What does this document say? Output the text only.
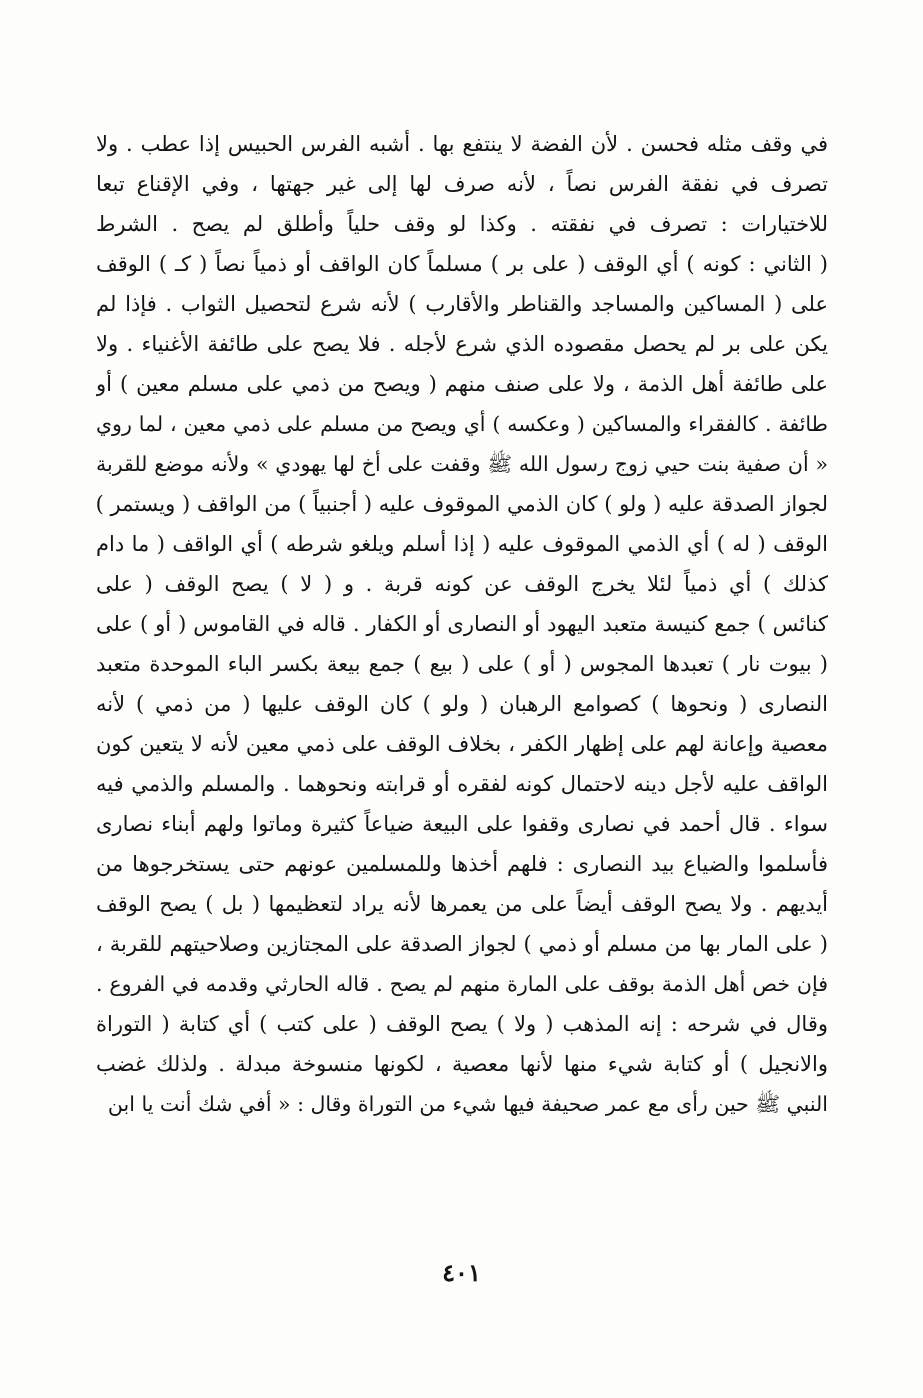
في وقف مثله فحسن . لأن الفضة لا ينتفع بها . أشبه الفرس الحبيس إذا عطب . ولا
تصرف في نفقة الفرس نصاً ، لأنه صرف لها إلى غير جهتها ، وفي الإقناع تبعا
للاختيارات : تصرف في نفقته . وكذا لو وقف حلياً وأطلق لم يصح . الشرط
( الثاني : كونه ) أي الوقف ( على بر ) مسلماً كان الواقف أو ذمياً نصاً ( كـ ) الوقف
على ( المساكين والمساجد والقناطر والأقارب ) لأنه شرع لتحصيل الثواب . فإذا لم
يكن على بر لم يحصل مقصوده الذي شرع لأجله . فلا يصح على طائفة الأغنياء . ولا
على طائفة أهل الذمة ، ولا على صنف منهم ( ويصح من ذمي على مسلم معين ) أو
طائفة . كالفقراء والمساكين ( وعكسه ) أي ويصح من مسلم على ذمي معين ، لما روي
« أن صفية بنت حيي زوج رسول الله ﷺ وقفت على أخ لها يهودي » ولأنه موضع للقربة
لجواز الصدقة عليه ( ولو ) كان الذمي الموقوف عليه ( أجنبياً ) من الواقف ( ويستمر )
الوقف ( له ) أي الذمي الموقوف عليه ( إذا أسلم ويلغو شرطه ) أي الواقف ( ما دام
كذلك ) أي ذمياً لئلا يخرج الوقف عن كونه قربة . و ( لا ) يصح الوقف ( على
كنائس ) جمع كنيسة متعبد اليهود أو النصارى أو الكفار . قاله في القاموس ( أو ) على
( بيوت نار ) تعبدها المجوس ( أو ) على ( بيع ) جمع بيعة بكسر الباء الموحدة متعبد
النصارى ( ونحوها ) كصوامع الرهبان ( ولو ) كان الوقف عليها ( من ذمي ) لأنه
معصية وإعانة لهم على إظهار الكفر ، بخلاف الوقف على ذمي معين لأنه لا يتعين كون
الواقف عليه لأجل دينه لاحتمال كونه لفقره أو قرابته ونحوهما . والمسلم والذمي فيه
سواء . قال أحمد في نصارى وقفوا على البيعة ضياعاً كثيرة وماتوا ولهم أبناء نصارى
فأسلموا والضياع بيد النصارى : فلهم أخذها وللمسلمين عونهم حتى يستخرجوها من
أيديهم . ولا يصح الوقف أيضاً على من يعمرها لأنه يراد لتعظيمها ( بل ) يصح الوقف
( على المار بها من مسلم أو ذمي ) لجواز الصدقة على المجتازين وصلاحيتهم للقربة ،
فإن خص أهل الذمة بوقف على المارة منهم لم يصح . قاله الحارثي وقدمه في الفروع .
وقال في شرحه : إنه المذهب ( ولا ) يصح الوقف ( على كتب ) أي كتابة ( التوراة
والانجيل ) أو كتابة شيء منها لأنها معصية ، لكونها منسوخة مبدلة . ولذلك غضب
النبي ﷺ حين رأى مع عمر صحيفة فيها شيء من التوراة وقال : « أفي شك أنت يا ابن
٤٠١
